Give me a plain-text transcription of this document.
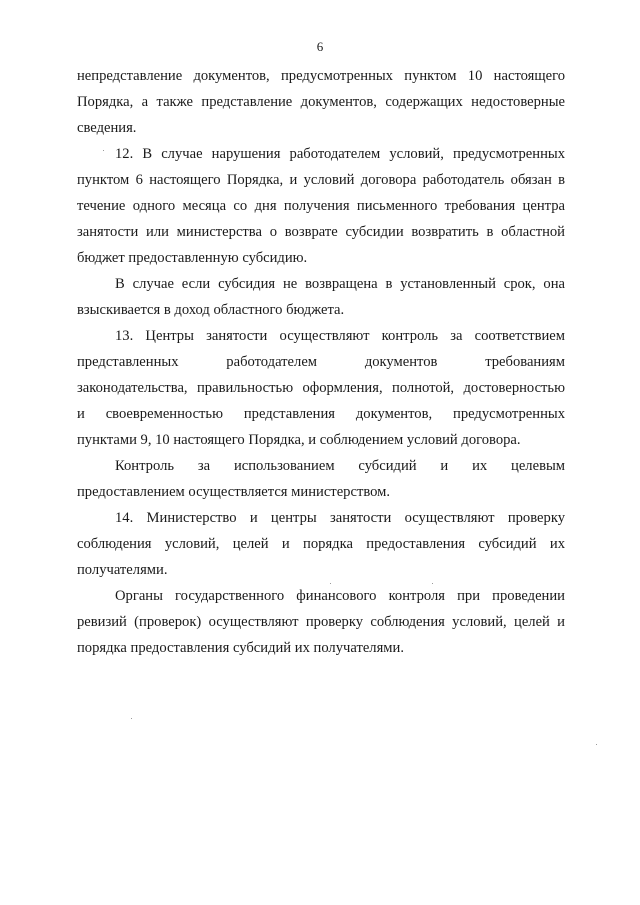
6
непредставление документов, предусмотренных пунктом 10 настоящего
Порядка, а также представление документов, содержащих недостоверные
сведения.
12. В случае нарушения работодателем условий, предусмотренных
пунктом 6 настоящего Порядка, и условий договора работодатель обязан в
течение одного месяца со дня получения письменного требования центра
занятости или министерства о возврате субсидии возвратить в областной
бюджет предоставленную субсидию.
В случае если субсидия не возвращена в установленный срок, она
взыскивается в доход областного бюджета.
13. Центры занятости осуществляют контроль за соответствием
представленных работодателем документов требованиям
законодательства, правильностью оформления, полнотой, достоверностью
и своевременностью представления документов, предусмотренных
пунктами 9, 10 настоящего Порядка, и соблюдением условий договора.
Контроль за использованием субсидий и их целевым
предоставлением осуществляется министерством.
14. Министерство и центры занятости осуществляют проверку
соблюдения условий, целей и порядка предоставления субсидий их
получателями.
Органы государственного финансового контроля при проведении
ревизий (проверок) осуществляют проверку соблюдения условий, целей и
порядка предоставления субсидий их получателями.
